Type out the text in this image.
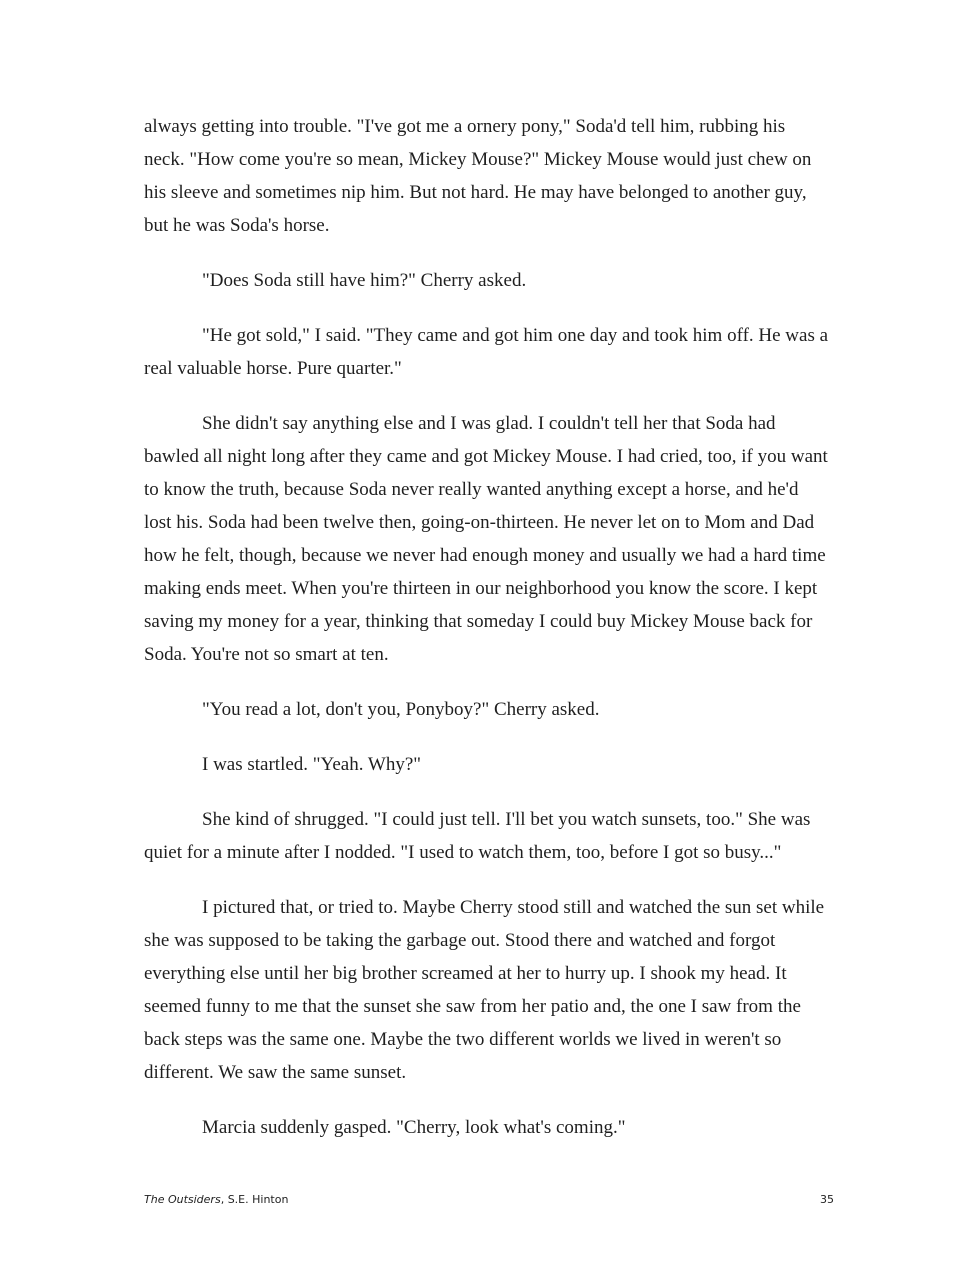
always getting into trouble. "I've got me a ornery pony," Soda'd tell him, rubbing his
neck. "How come you're so mean, Mickey Mouse?" Mickey Mouse would just chew on
his sleeve and sometimes nip him. But not hard. He may have belonged to another guy,
but he was Soda's horse.
"Does Soda still have him?" Cherry asked.
"He got sold," I said. "They came and got him one day and took him off. He was a
real valuable horse. Pure quarter."
She didn't say anything else and I was glad. I couldn't tell her that Soda had
bawled all night long after they came and got Mickey Mouse. I had cried, too, if you want
to know the truth, because Soda never really wanted anything except a horse, and he'd
lost his. Soda had been twelve then, going-on-thirteen. He never let on to Mom and Dad
how he felt, though, because we never had enough money and usually we had a hard time
making ends meet. When you're thirteen in our neighborhood you know the score. I kept
saving my money for a year, thinking that someday I could buy Mickey Mouse back for
Soda. You're not so smart at ten.
"You read a lot, don't you, Ponyboy?" Cherry asked.
I was startled. "Yeah. Why?"
She kind of shrugged. "I could just tell. I'll bet you watch sunsets, too." She was
quiet for a minute after I nodded. "I used to watch them, too, before I got so busy..."
I pictured that, or tried to. Maybe Cherry stood still and watched the sun set while
she was supposed to be taking the garbage out. Stood there and watched and forgot
everything else until her big brother screamed at her to hurry up. I shook my head. It
seemed funny to me that the sunset she saw from her patio and, the one I saw from the
back steps was the same one. Maybe the two different worlds we lived in weren't so
different. We saw the same sunset.
Marcia suddenly gasped. "Cherry, look what's coming."
The Outsiders, S.E. Hinton	35
